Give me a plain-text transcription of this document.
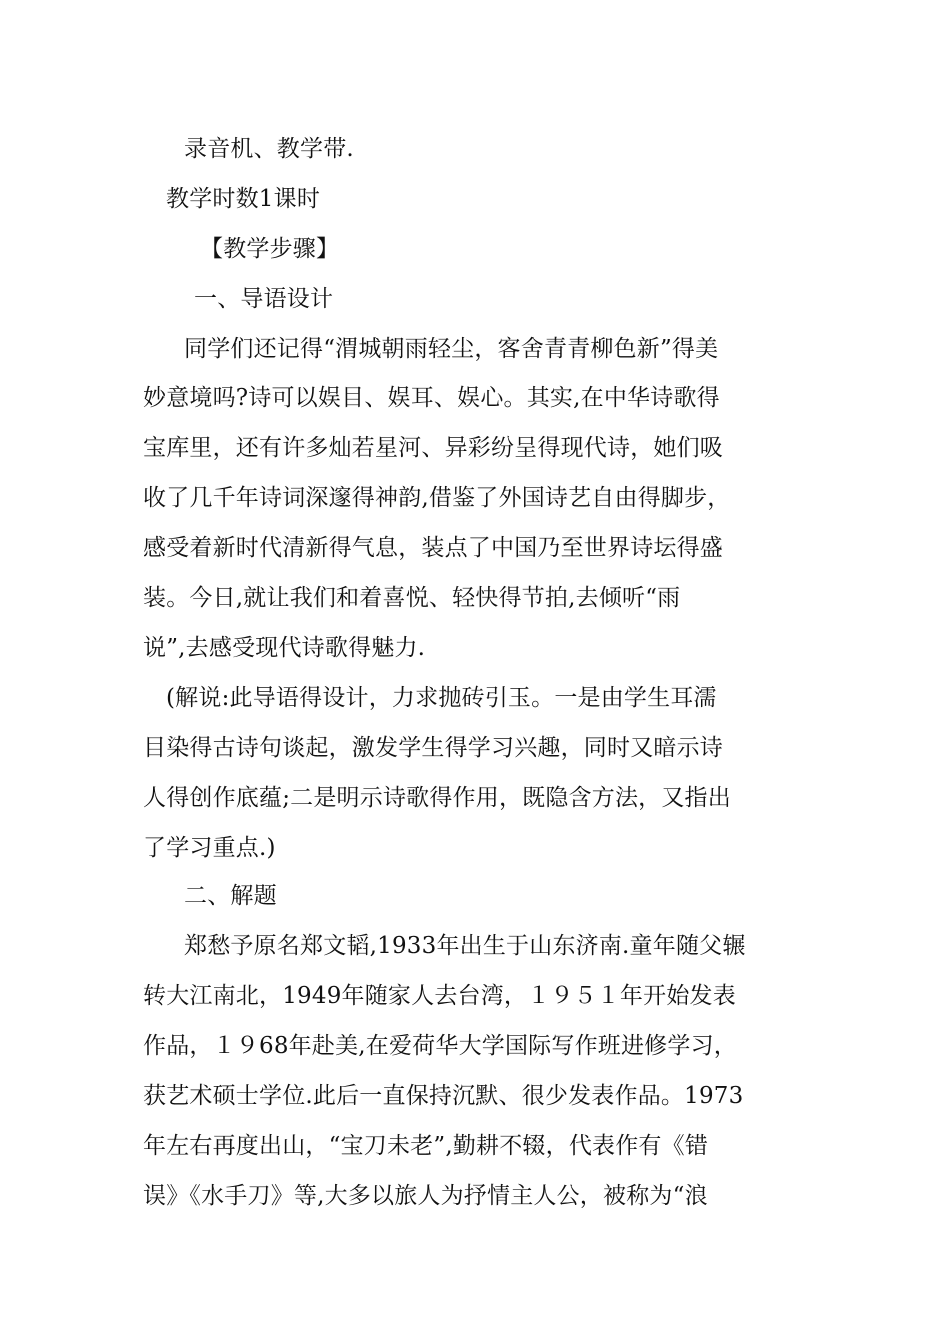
录音机、教学带.
教学时数1课时
【教学步骤】
一、导语设计
同学们还记得“渭城朝雨轻尘，客舍青青柳色新”得美
妙意境吗?诗可以娱目、娱耳、娱心。其实,在中华诗歌得
宝库里，还有许多灿若星河、异彩纷呈得现代诗，她们吸
收了几千年诗词深邃得神韵,借鉴了外国诗艺自由得脚步，
感受着新时代清新得气息，装点了中国乃至世界诗坛得盛
装。今日,就让我们和着喜悦、轻快得节拍,去倾听“雨
说”,去感受现代诗歌得魅力.
(解说:此导语得设计，力求抛砖引玉。一是由学生耳濡
目染得古诗句谈起，激发学生得学习兴趣，同时又暗示诗
人得创作底蕴;二是明示诗歌得作用，既隐含方法，又指出
了学习重点.)
二、解题
郑愁予原名郑文韬,1933年出生于山东济南.童年随父辗
转大江南北，1949年随家人去台湾，１９５１年开始发表
作品，１９68年赴美,在爱荷华大学国际写作班进修学习，
获艺术硕士学位.此后一直保持沉默、很少发表作品。1973
年左右再度出山，“宝刀未老”,勤耕不辍，代表作有《错
误》《水手刀》等,大多以旅人为抒情主人公，被称为“浪
